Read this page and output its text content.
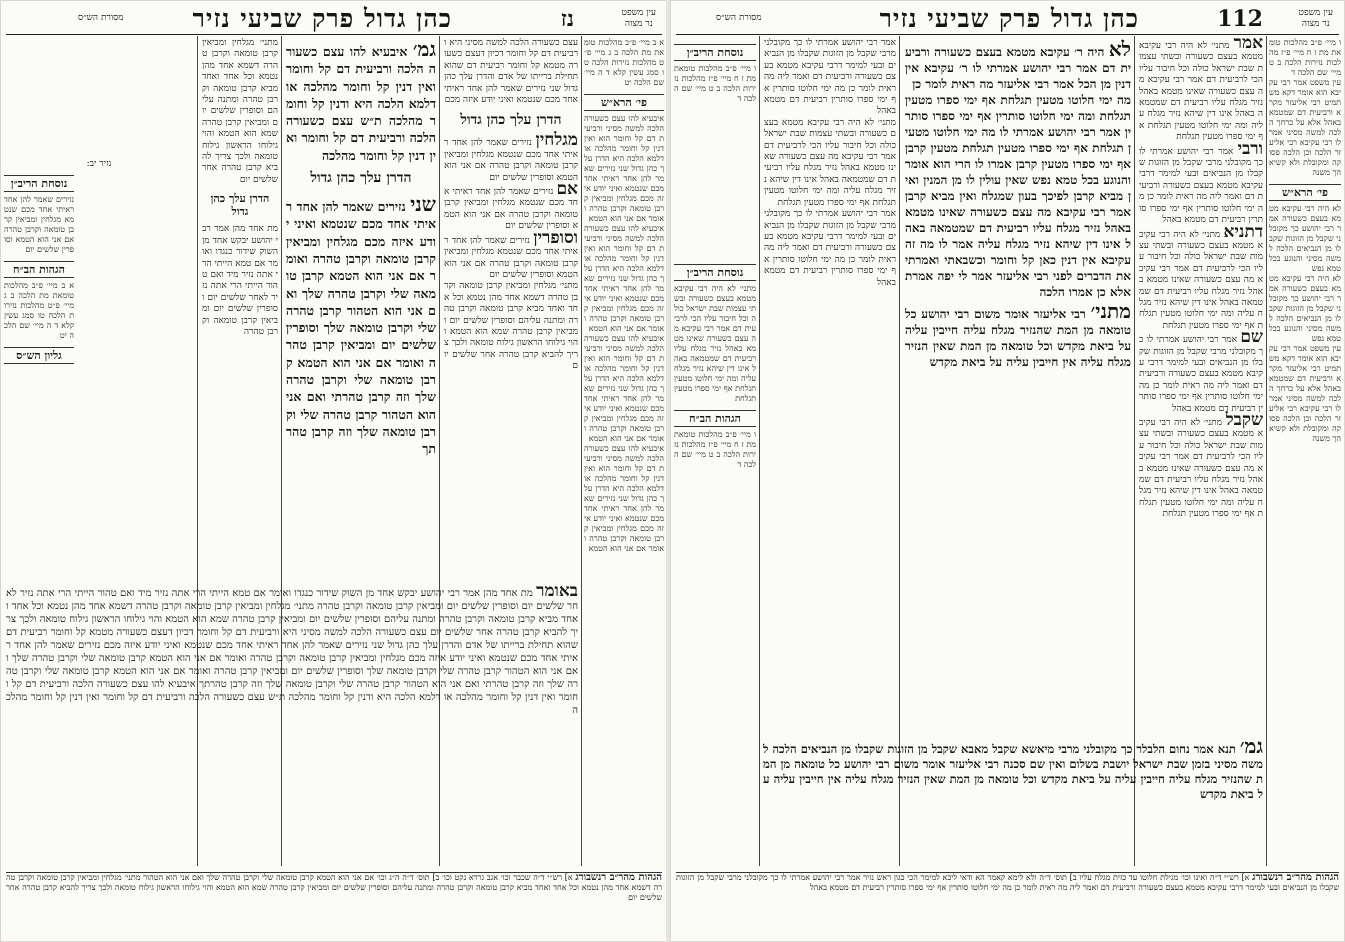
עין משפט
נר מצוה
נז
כהן גדול פרק שביעי נזיר
מסורת הש״ס

א ב מיי׳ פ״ב מהלכות טומאת מת הלכה ב ג מיי׳ פ״ט מהלכות נזירות הלכה טו סמג עשין קלא ד ה מיי׳ שם הלכה יט

פי׳ הרא״ש

איבעיא להו עצם כשעורה הלכה למשה מסיני ורביעית דם קל וחומר הוא ואין דנין קל וחומר מהלכה או דלמא הלכה היא הדרן עלך כהן גדול שני נזירים שאמר להן אחד ראיתי אחד מכם שנטמא ואיני יודע איזה מכם מגלחין ומביאין קרבן טומאה וקרבן טהרה ואומר אם אני הוא הטמא

איבעיא להו עצם כשעורה הלכה למשה מסיני ורביעית דם קל וחומר הוא ואין דנין קל וחומר מהלכה או דלמא הלכה היא הדרן עלך כהן גדול שני נזירים שאמר להן אחד ראיתי אחד מכם שנטמא ואיני יודע איזה מכם מגלחין ומביאין קרבן טומאה וקרבן טהרה ואומר אם אני הוא הטמא

איבעיא להו עצם כשעורה הלכה למשה מסיני ורביעית דם קל וחומר הוא ואין דנין קל וחומר מהלכה או דלמא הלכה היא הדרן עלך כהן גדול שני נזירים שאמר להן אחד ראיתי אחד מכם שנטמא ואיני יודע איזה מכם מגלחין ומביאין קרבן טומאה וקרבן טהרה ואומר אם אני הוא הטמא

איבעיא להו עצם כשעורה הלכה למשה מסיני ורביעית דם קל וחומר הוא ואין דנין קל וחומר מהלכה או דלמא הלכה היא הדרן עלך כהן גדול שני נזירים שאמר להן אחד ראיתי אחד מכם שנטמא ואיני יודע איזה מכם מגלחין ומביאין קרבן טומאה וקרבן טהרה ואומר אם אני הוא הטמא

עצם כשעורה הלכה למשה מסיני היא ורביעית דם קל וחומר דכיון דעצם כשעורה מטמא קל וחומר רביעית דם שהוא תחילת ברייתו של אדם והדרן עלך כהן גדול שני נזירים שאמר להן אחד ראיתי אחד מכם שנטמא ואיני יודע איזה מכם

הדרן עלך כהן גדול

מגלחין נזירים שאמר להן אחד ראיתי אחד מכם שנטמא מגלחין ומביאין קרבן טומאה וקרבן טהרה אם אני הוא הטמא וסופרין שלשים יום

אם נזירים שאמר להן אחד ראיתי אחד מכם שנטמא מגלחין ומביאין קרבן טומאה וקרבן טהרה אם אני הוא הטמא וסופרין שלשים יום

וסופרין נזירים שאמר להן אחד ראיתי אחד מכם שנטמא מגלחין ומביאין קרבן טומאה וקרבן טהרה אם אני הוא הטמא וסופרין שלשים יום

מתני׳ מגלחין ומביאין קרבן טומאה וקרבן טהרה דשמא אחד מהן נטמא וכל אחד ואחד מביא קרבן טומאה וקרבן טהרה ומתנה עליהם וסופרין שלשים יום ומביאין קרבן טהרה שמא הוא הטמא והוי גילוחו הראשון גילוח טומאה ולכך צריך להביא קרבן טהרה אחר שלשים יום

גמ׳ איבעיא להו עצם כשעורה הלכה ורביעית דם קל וחומר ואין דנין קל וחומר מהלכה או דלמא הלכה היא ודנין קל וחומר מהלכה ת״ש עצם כשעורה הלכה ורביעית דם קל וחומר ואין דנין קל וחומר מהלכה

הדרן עלך כהן גדול

שני נזירים שאמר להן אחד ראיתי אחד מכם שנטמא ואיני יודע איזה מכם מגלחין ומביאין קרבן טומאה וקרבן טהרה ואומר אם אני הוא הטמא קרבן טומאה שלי וקרבן טהרה שלך ואם אני הוא הטהור קרבן טהרה שלי וקרבן טומאה שלך וסופרין שלשים יום ומביאין קרבן טהרה ואומר אם אני הוא הטמא קרבן טומאה שלי וקרבן טהרה שלך וזה קרבן טהרתי ואם אני הוא הטהור קרבן טהרה שלי וקרבן טומאה שלך וזה קרבן טהרתך

מתני׳ מגלחין ומביאין קרבן טומאה וקרבן טהרה דשמא אחד מהן נטמא וכל אחד ואחד מביא קרבן טומאה וקרבן טהרה ומתנה עליהם וסופרין שלשים יום ומביאין קרבן טהרה שמא הוא הטמא והוי גילוחו הראשון גילוח טומאה ולכך צריך להביא קרבן טהרה אחר שלשים יום

הדרן עלך כהן גדול

מת אחד מהן אמר רבי יהושע יבקש אחד מן השוק שידור כנגדו ואומר אם טמא הייתי הרי אתה נזיר מיד ואם טהור הייתי הרי אתה נזיר לאחר שלשים יום וסופרין שלשים יום ומביאין קרבן טומאה וקרבן טהרה

נזיר יב:
נוסחת הריב״ן

נזירים שאמר להן אחד ראיתי אחד מכם שנטמא מגלחין ומביאין קרבן טומאה וקרבן טהרה אם אני הוא הטמא וסופרין שלשים יום

הגהות הב״ח

א ב מיי׳ פ״ב מהלכות טומאת מת הלכה ב ג מיי׳ פ״ט מהלכות נזירות הלכה טו סמג עשין קלא ד ה מיי׳ שם הלכה יט

גליון הש״ס

באומר מת אחד מהן אמר רבי יהושע יבקש אחד מן השוק שידור כנגדו ואומר אם טמא הייתי הרי אתה נזיר מיד ואם טהור הייתי הרי אתה נזיר לאחר שלשים יום וסופרין שלשים יום ומביאין קרבן טומאה וקרבן טהרה מתני׳ מגלחין ומביאין קרבן טומאה וקרבן טהרה דשמא אחד מהן נטמא וכל אחד ואחד מביא קרבן טומאה וקרבן טהרה ומתנה עליהם וסופרין שלשים יום ומביאין קרבן טהרה שמא הוא הטמא והוי גילוחו הראשון גילוח טומאה ולכך צריך להביא קרבן טהרה אחר שלשים יום עצם כשעורה הלכה למשה מסיני היא ורביעית דם קל וחומר דכיון דעצם כשעורה מטמא קל וחומר רביעית דם שהוא תחילת ברייתו של אדם והדרן עלך כהן גדול שני נזירים שאמר להן אחד ראיתי אחד מכם שנטמא ואיני יודע איזה מכם נזירים שאמר להן אחד ראיתי אחד מכם שנטמא ואיני יודע איזה מכם מגלחין ומביאין קרבן טומאה וקרבן טהרה ואומר אם אני הוא הטמא קרבן טומאה שלי וקרבן טהרה שלך ואם אני הוא הטהור קרבן טהרה שלי וקרבן טומאה שלך וסופרין שלשים יום ומביאין קרבן טהרה ואומר אם אני הוא הטמא קרבן טומאה שלי וקרבן טהרה שלך וזה קרבן טהרתי ואם אני הוא הטהור קרבן טהרה שלי וקרבן טומאה שלך וזה קרבן טהרתך איבעיא להו עצם כשעורה הלכה ורביעית דם קל וחומר ואין דנין קל וחומר מהלכה או דלמא הלכה היא ודנין קל וחומר מהלכה ת״ש עצם כשעורה הלכה ורביעית דם קל וחומר ואין דנין קל וחומר מהלכה

הגהות מהר״ב רנשבורג א] רש״י ד״ה שכבר וכו׳ אגב גררא נקט וכו׳ ב] תוס׳ ד״ה ה״ג וכו׳ אם אני הוא הטמא קרבן טומאה שלי וקרבן טהרה שלך ואם אני הוא הטהור מתני׳ מגלחין ומביאין קרבן טומאה וקרבן טהרה דשמא אחד מהן נטמא וכל אחד ואחד מביא קרבן טומאה וקרבן טהרה ומתנה עליהם וסופרין שלשים יום ומביאין קרבן טהרה שמא הוא הטמא והוי גילוחו הראשון גילוח טומאה ולכך צריך להביא קרבן טהרה אחר שלשים יום
עין משפט
נר מצוה
112
כהן גדול פרק שביעי נזיר
מסורת הש״ס

ו מיי׳ פ״ב מהלכות טומאת מת ז ח מיי׳ פ״ז מהלכות נזירות הלכה ב ט מיי׳ שם הלכה ד

עין משפט אמר רבי עקיבא הוא אומר דקא משתמיט רבי אליעזר מקרא ורביעית דם שמטמא באהל אלא על כרחך הלכה למשה מסיני אמר לו רבי עקיבא רבי אליעזר הלכה וכן הלכה פסוקה ומקובלת ולא קשיא הך משנה

פי׳ הרא״ש

לא היה רבי עקיבא מטמא בעצם כשעורה אמר רבי יהושע כך מקובלני שקבל מן הזוגות שקבלו מן הנביאים הלכה למשה מסיני והנוגע בכל טמא נפש

לא היה רבי עקיבא מטמא בעצם כשעורה אמר רבי יהושע כך מקובלני שקבל מן הזוגות שקבלו מן הנביאים הלכה למשה מסיני והנוגע בכל טמא נפש

עין משפט אמר רבי עקיבא הוא אומר דקא משתמיט רבי אליעזר מקרא ורביעית דם שמטמא באהל אלא על כרחך הלכה למשה מסיני אמר לו רבי עקיבא רבי אליעזר הלכה וכן הלכה פסוקה ומקובלת ולא קשיא הך משנה

אמר מתני׳ לא היה רבי עקיבא מטמא בעצם כשעורה ובשתי עצמות שבת ישראל כולה וכל חיבור עליו הכי לרביעית דם אמר רבי עקיבא מה עצם כשעורה שאינו מטמא באהל נזיר מגלח עליו רביעית דם שמטמאה באהל אינו דין שיהא נזיר מגלח עליה ומה ימי חלוטו מטעין תגלחת אף ימי ספרו מטעין תגלחת

ורבי אמר רבי יהושע אמרתי לו כך מקובלני מרבי שקבל מן הזוגות שקבלו מן הנביאים ובעי למימר דרבי עקיבא מטמא בעצם כשעורה ורביעית דם ואמר ליה מה ראית לומר כן מה ימי חלוטו סותרין אף ימי ספרו סותרין רביעית דם מטמא באהל

דתניא מתני׳ לא היה רבי עקיבא מטמא בעצם כשעורה ובשתי עצמות שבת ישראל כולה וכל חיבור עליו הכי לרביעית דם אמר רבי עקיבא מה עצם כשעורה שאינו מטמא באהל נזיר מגלח עליו רביעית דם שמטמאה באהל אינו דין שיהא נזיר מגלח עליה ומה ימי חלוטו מטעין תגלחת אף ימי ספרו מטעין תגלחת

שם אמר רבי יהושע אמרתי לו כך מקובלני מרבי שקבל מן הזוגות שקבלו מן הנביאים ובעי למימר דרבי עקיבא מטמא בעצם כשעורה ורביעית דם ואמר ליה מה ראית לומר כן מה ימי חלוטו סותרין אף ימי ספרו סותרין רביעית דם מטמא באהל

שקבל מתני׳ לא היה רבי עקיבא מטמא בעצם כשעורה ובשתי עצמות שבת ישראל כולה וכל חיבור עליו הכי לרביעית דם אמר רבי עקיבא מה עצם כשעורה שאינו מטמא באהל נזיר מגלח עליו רביעית דם שמטמאה באהל אינו דין שיהא נזיר מגלח עליה ומה ימי חלוטו מטעין תגלחת אף ימי ספרו מטעין תגלחת

לא היה ר׳ עקיבא מטמא בעצם כשעורה ורביעית דם אמר רבי יהושע אמרתי לו ר׳ עקיבא אין דנין מן הכל אמר רבי אליעזר מה ראית לומר כן

מה ימי חלוטו מטעין תגלחת אף ימי ספרו מטעין תגלחת ומה ימי חלוטו סותרין אף ימי ספרו סותרין אמר רבי יהושע אמרתי לו מה ימי חלוטו מטעין תגלחת אף ימי ספרו מטעין תגלחת מטעין קרבן אף ימי ספרו מטעין קרבן אמרו לו הרי הוא אומר והנוגע בכל טמא נפש שאין עולין לו מן המנין ואין מביא קרבן לפיכך בעון שמגלח ואין מביא קרבן אמר רבי עקיבא מה עצם כשעורה שאינו מטמא באהל נזיר מגלח עליו רביעית דם שמטמאה באהל אינו דין שיהא נזיר מגלח עליה אמר לו מה זה עקיבא אין דנין כאן קל וחומר וכשבאתי ואמרתי את הדברים לפני רבי אליעזר אמר לי יפה אמרת אלא כן אמרו הלכה

מתני׳ רבי אליעזר אומר משום רבי יהושע כל טומאה מן המת שהנזיר מגלח עליה חייבין עליה על ביאת מקדש וכל טומאה מן המת שאין הנזיר מגלח עליה אין חייבין עליה על ביאת מקדש

אמר רבי יהושע אמרתי לו כך מקובלני מרבי שקבל מן הזוגות שקבלו מן הנביאים ובעי למימר דרבי עקיבא מטמא בעצם כשעורה ורביעית דם ואמר ליה מה ראית לומר כן מה ימי חלוטו סותרין אף ימי ספרו סותרין רביעית דם מטמא באהל

מתני׳ לא היה רבי עקיבא מטמא בעצם כשעורה ובשתי עצמות שבת ישראל כולה וכל חיבור עליו הכי לרביעית דם אמר רבי עקיבא מה עצם כשעורה שאינו מטמא באהל נזיר מגלח עליו רביעית דם שמטמאה באהל אינו דין שיהא נזיר מגלח עליה ומה ימי חלוטו מטעין תגלחת אף ימי ספרו מטעין תגלחת

אמר רבי יהושע אמרתי לו כך מקובלני מרבי שקבל מן הזוגות שקבלו מן הנביאים ובעי למימר דרבי עקיבא מטמא בעצם כשעורה ורביעית דם ואמר ליה מה ראית לומר כן מה ימי חלוטו סותרין אף ימי ספרו סותרין רביעית דם מטמא באהל

נוסחת הריב״ן

ו מיי׳ פ״ב מהלכות טומאת מת ז ח מיי׳ פ״ז מהלכות נזירות הלכה ב ט מיי׳ שם הלכה ד

נוסחת הריב״ן

מתני׳ לא היה רבי עקיבא מטמא בעצם כשעורה ובשתי עצמות שבת ישראל כולה וכל חיבור עליו הכי לרביעית דם אמר רבי עקיבא מה עצם כשעורה שאינו מטמא באהל נזיר מגלח עליו רביעית דם שמטמאה באהל אינו דין שיהא נזיר מגלח עליה ומה ימי חלוטו מטעין תגלחת אף ימי ספרו מטעין תגלחת

הגהות הב״ח

ו מיי׳ פ״ב מהלכות טומאת מת ז ח מיי׳ פ״ז מהלכות נזירות הלכה ב ט מיי׳ שם הלכה ד

גמ׳ תנא אמר נחום הלבלר כך מקובלני מרבי מיאשא שקבל מאבא שקבל מן הזוגות שקבלו מן הנביאים הלכה למשה מסיני בזמן שבת ישראל יושבת בשלום ואין שם סכנה רבי אליעזר אומר משום רבי יהושע כל טומאה מן המת שהנזיר מגלח עליה חייבין עליה על ביאת מקדש וכל טומאה מן המת שאין הנזיר מגלח עליה אין חייבין עליה על ביאת מקדש

הגהות מהר״ב רנשבורג א] רש״י ד״ה ואינו וכו׳ מגילת חלוטו עד כזית מגלח עליו ב] תוס׳ ד״ה ולא לימא קאמר הא ודאי ליכא למימר הכי כגון ראש נזיר אמר רבי יהושע אמרתי לו כך מקובלני מרבי שקבל מן הזוגות שקבלו מן הנביאים ובעי למימר דרבי עקיבא מטמא בעצם כשעורה ורביעית דם ואמר ליה מה ראית לומר כן מה ימי חלוטו סותרין אף ימי ספרו סותרין רביעית דם מטמא באהל
